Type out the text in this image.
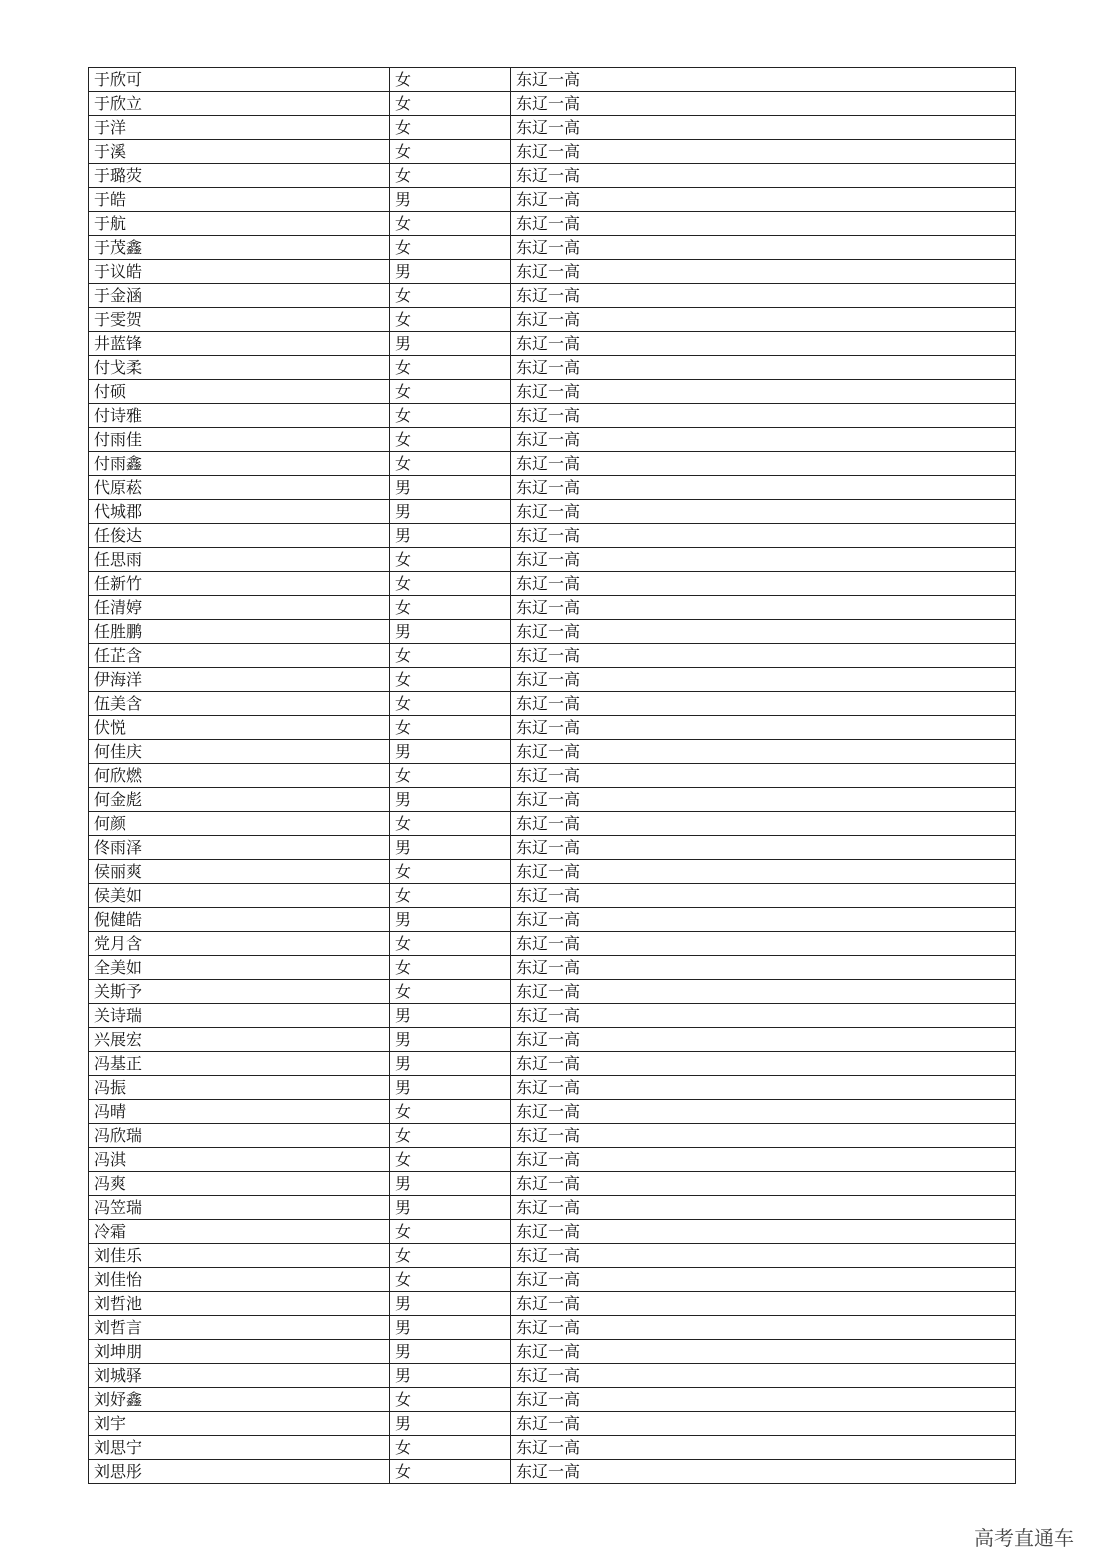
于欣可	女	东辽一高
于欣立	女	东辽一高
于洋	女	东辽一高
于溪	女	东辽一高
于璐荧	女	东辽一高
于皓	男	东辽一高
于航	女	东辽一高
于茂鑫	女	东辽一高
于议皓	男	东辽一高
于金涵	女	东辽一高
于雯贺	女	东辽一高
井蓝锋	男	东辽一高
付戈柔	女	东辽一高
付硕	女	东辽一高
付诗雅	女	东辽一高
付雨佳	女	东辽一高
付雨鑫	女	东辽一高
代原菘	男	东辽一高
代城郡	男	东辽一高
任俊达	男	东辽一高
任思雨	女	东辽一高
任新竹	女	东辽一高
任清婷	女	东辽一高
任胜鹏	男	东辽一高
任芷含	女	东辽一高
伊海洋	女	东辽一高
伍美含	女	东辽一高
伏悦	女	东辽一高
何佳庆	男	东辽一高
何欣燃	女	东辽一高
何金彪	男	东辽一高
何颜	女	东辽一高
佟雨泽	男	东辽一高
侯丽爽	女	东辽一高
侯美如	女	东辽一高
倪健皓	男	东辽一高
党月含	女	东辽一高
全美如	女	东辽一高
关斯予	女	东辽一高
关诗瑞	男	东辽一高
兴展宏	男	东辽一高
冯基正	男	东辽一高
冯振	男	东辽一高
冯晴	女	东辽一高
冯欣瑞	女	东辽一高
冯淇	女	东辽一高
冯爽	男	东辽一高
冯笠瑞	男	东辽一高
冷霜	女	东辽一高
刘佳乐	女	东辽一高
刘佳怡	女	东辽一高
刘哲池	男	东辽一高
刘哲言	男	东辽一高
刘坤朋	男	东辽一高
刘城驿	男	东辽一高
刘妤鑫	女	东辽一高
刘宇	男	东辽一高
刘思宁	女	东辽一高
刘思彤	女	东辽一高
高考直通车
